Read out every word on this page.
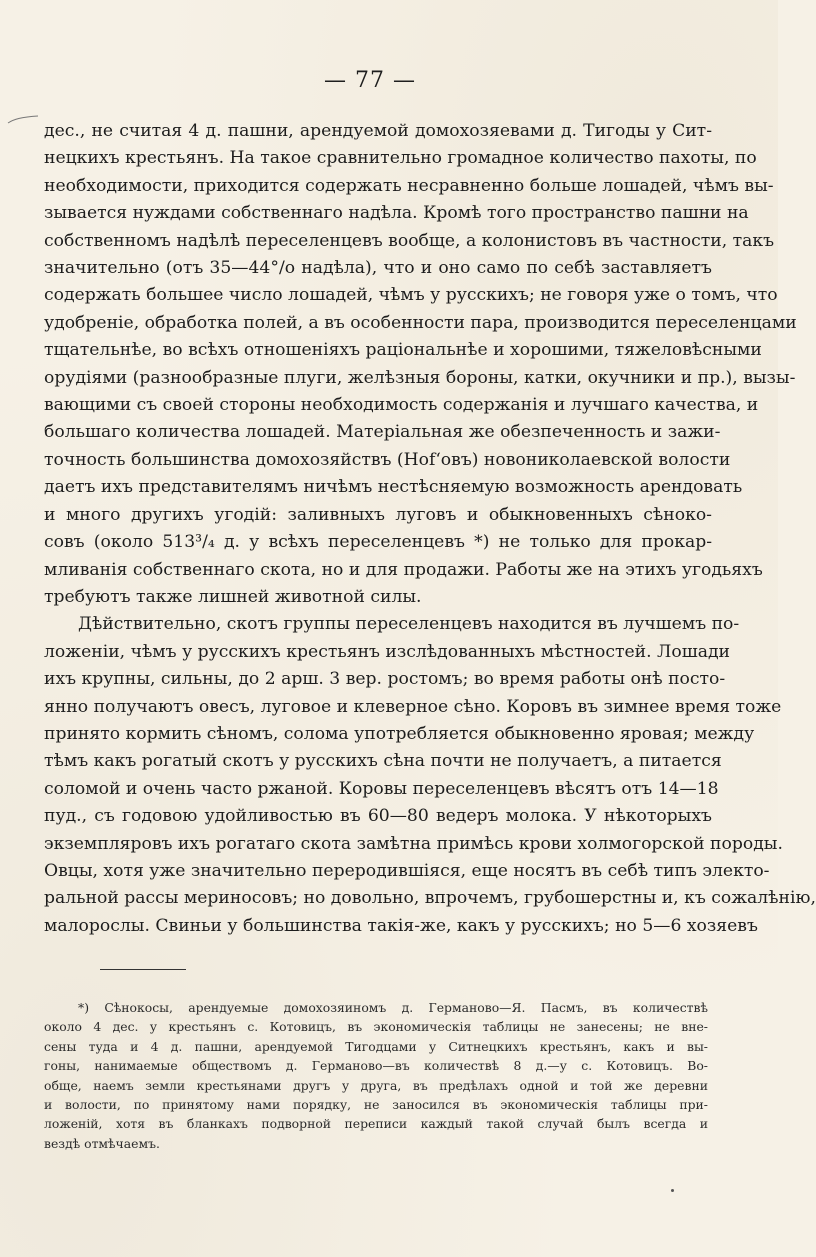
— 77 —
дес., не считая 4 д. пашни, арендуемой домохозяевами д. Тигоды у Сит-
нецкихъ крестьянъ. На такое сравнительно громадное количество пахоты, по
необходимости, приходится содержать несравненно больше лошадей, чѣмъ вы-
зывается нуждами собственнаго надѣла. Кромѣ того пространство пашни на
собственномъ надѣлѣ переселенцевъ вообще, а колонистовъ въ частности, такъ
значительно (отъ 35—44°/о надѣла), что и оно само по себѣ заставляетъ
содержать большее число лошадей, чѣмъ у русскихъ; не говоря уже о томъ, что
удобреніе, обработка полей, а въ особенности пара, производится переселенцами
тщательнѣе, во всѣхъ отношеніяхъ раціональнѣе и хорошими, тяжеловѣсными
орудіями (разнообразные плуги, желѣзныя бороны, катки, окучники и пр.), вызы-
вающими съ своей стороны необходимость содержанія и лучшаго качества, и
большаго количества лошадей. Матеріальная же обезпеченность и зажи-
точность большинства домохозяйствъ (Hof‘овъ) новониколаевской волости
даетъ ихъ представителямъ ничѣмъ нестѣсняемую возможность арендовать
и много другихъ угодій: заливныхъ луговъ и обыкновенныхъ сѣноко-
совъ (около 513³/₄ д. у всѣхъ переселенцевъ *) не только для прокар-
мливанія собственнаго скота, но и для продажи. Работы же на этихъ угодьяхъ
требуютъ также лишней животной силы.
Дѣйствительно, скотъ группы переселенцевъ находится въ лучшемъ по-
ложеніи, чѣмъ у русскихъ крестьянъ изслѣдованныхъ мѣстностей. Лошади
ихъ крупны, сильны, до 2 арш. 3 вер. ростомъ; во время работы онѣ посто-
янно получаютъ овесъ, луговое и клеверное сѣно. Коровъ въ зимнее время тоже
принято кормить сѣномъ, солома употребляется обыкновенно яровая; между
тѣмъ какъ рогатый скотъ у русскихъ сѣна почти не получаетъ, а питается
соломой и очень часто ржаной. Коровы переселенцевъ вѣсятъ отъ 14—18
пуд., съ годовою удойливостью въ 60—80 ведеръ молока. У нѣкоторыхъ
экземпляровъ ихъ рогатаго скота замѣтна примѣсь крови холмогорской породы.
Овцы, хотя уже значительно переродившіяся, еще носятъ въ себѣ типъ электо-
ральной рассы мериносовъ; но довольно, впрочемъ, грубошерстны и, къ сожалѣнію,
малорослы. Свиньи у большинства такія-же, какъ у русскихъ; но 5—6 хозяевъ
*) Сѣнокосы, арендуемые домохозяиномъ д. Германово—Я. Пасмъ, въ количествѣ
около 4 дес. у крестьянъ с. Котовицъ, въ экономическія таблицы не занесены; не вне-
сены туда и 4 д. пашни, арендуемой Тигодцами у Ситнецкихъ крестьянъ, какъ и вы-
гоны, нанимаемые обществомъ д. Германово—въ количествѣ 8 д.—у с. Котовицъ. Во-
обще, наемъ земли крестьянами другъ у друга, въ предѣлахъ одной и той же деревни
и волости, по принятому нами порядку, не заносился въ экономическія таблицы при-
ложеній, хотя въ бланкахъ подворной переписи каждый такой случай былъ всегда и
вездѣ отмѣчаемъ.
